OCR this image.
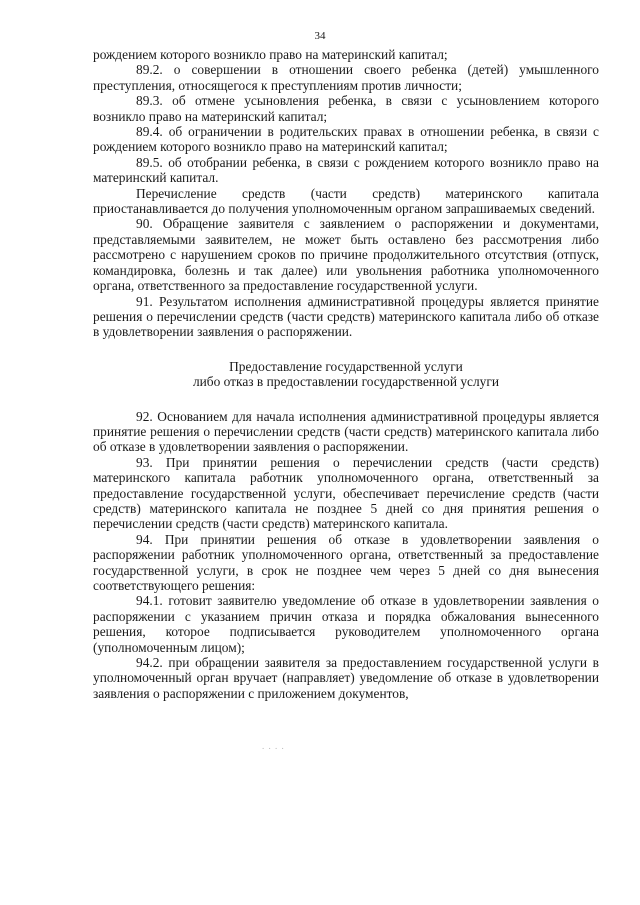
34

рождением которого возникло право на материнский капитал;

89.2. о совершении в отношении своего ребенка (детей) умышленного преступления, относящегося к преступлениям против личности;

89.3. об отмене усыновления ребенка, в связи с усыновлением которого возникло право на материнский капитал;

89.4. об ограничении в родительских правах в отношении ребенка, в связи с рождением которого возникло право на материнский капитал;

89.5. об отобрании ребенка, в связи с рождением которого возникло право на материнский капитал.

Перечисление средств (части средств) материнского капитала приостанавливается до получения уполномоченным органом запрашиваемых сведений.

90. Обращение заявителя с заявлением о распоряжении и документами, представляемыми заявителем, не может быть оставлено без рассмотрения либо рассмотрено с нарушением сроков по причине продолжительного отсутствия (отпуск, командировка, болезнь и так далее) или увольнения работника уполномоченного органа, ответственного за предоставление государственной услуги.

91. Результатом исполнения административной процедуры является принятие решения о перечислении средств (части средств) материнского капитала либо об отказе в удовлетворении заявления о распоряжении.

Предоставление государственной услуги
либо отказ в предоставлении государственной услуги

92. Основанием для начала исполнения административной процедуры является принятие решения о перечислении средств (части средств) материнского капитала либо об отказе в удовлетворении заявления о распоряжении.

93. При принятии решения о перечислении средств (части средств) материнского капитала работник уполномоченного органа, ответственный за предоставление государственной услуги, обеспечивает перечисление средств (части средств) материнского капитала не позднее 5 дней со дня принятия решения о перечислении средств (части средств) материнского капитала.

94. При принятии решения об отказе в удовлетворении заявления о распоряжении работник уполномоченного органа, ответственный за предоставление государственной услуги, в срок не позднее чем через 5 дней со дня вынесения соответствующего решения:

94.1. готовит заявителю уведомление об отказе в удовлетворении заявления о распоряжении с указанием причин отказа и порядка обжалования вынесенного решения, которое подписывается руководителем уполномоченного органа (уполномоченным лицом);

94.2. при обращении заявителя за предоставлением государственной услуги в уполномоченный орган вручает (направляет) уведомление об отказе в удовлетворении заявления о распоряжении с приложением документов,

. . . .
